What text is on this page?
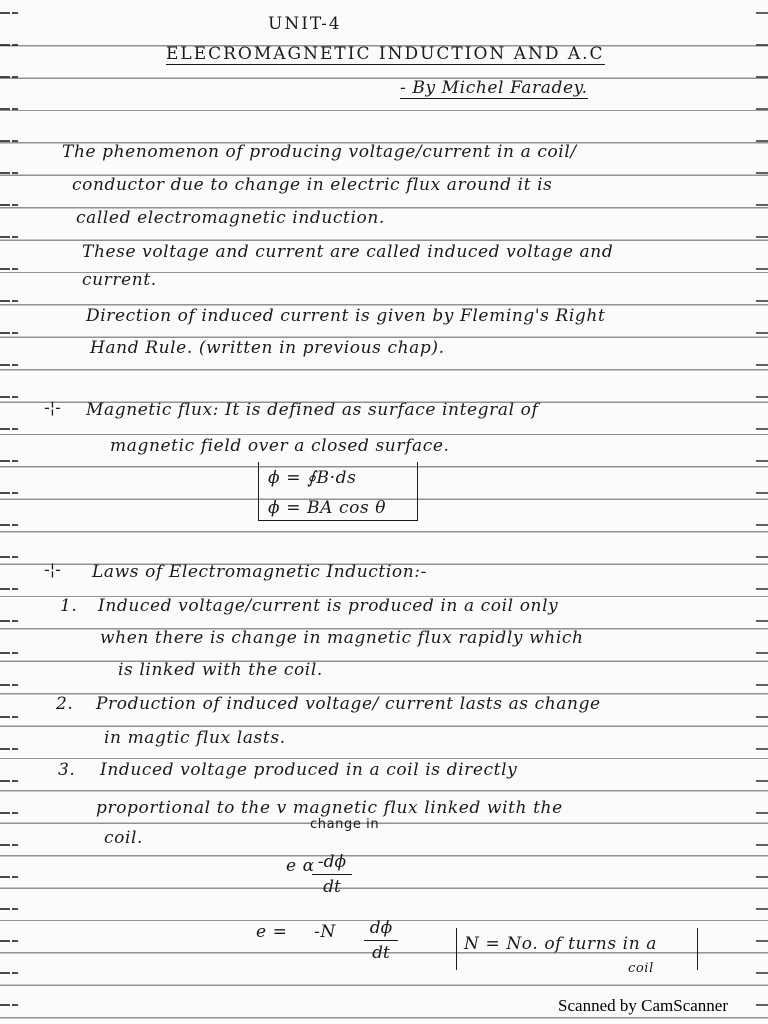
UNIT-4
ELECROMAGNETIC INDUCTION AND A.C
- By Michel Faradey.
The phenomenon of producing voltage/current in a coil/
conductor due to change in electric flux around it is
called electromagnetic induction.
These voltage and current are called induced voltage and
current.
Direction of induced current is given by Fleming's Right
Hand Rule. (written in previous chap).
-¦- Magnetic flux: It is defined as surface integral of
magnetic field over a closed surface.
ϕ = ∮B·ds
ϕ = BA cos θ
-¦- Laws of Electromagnetic Induction:-
1. Induced voltage/current is produced in a coil only
when there is change in magnetic flux rapidly which
is linked with the coil.
2. Production of induced voltage/ current lasts as change
in magtic flux lasts.
3. Induced voltage produced in a coil is directly
proportional to the v magnetic flux linked with the
change in
coil.
e α -dϕ
dt
e = -N	dϕ
dt	N = No. of turns in a
coil
Scanned by CamScanner
